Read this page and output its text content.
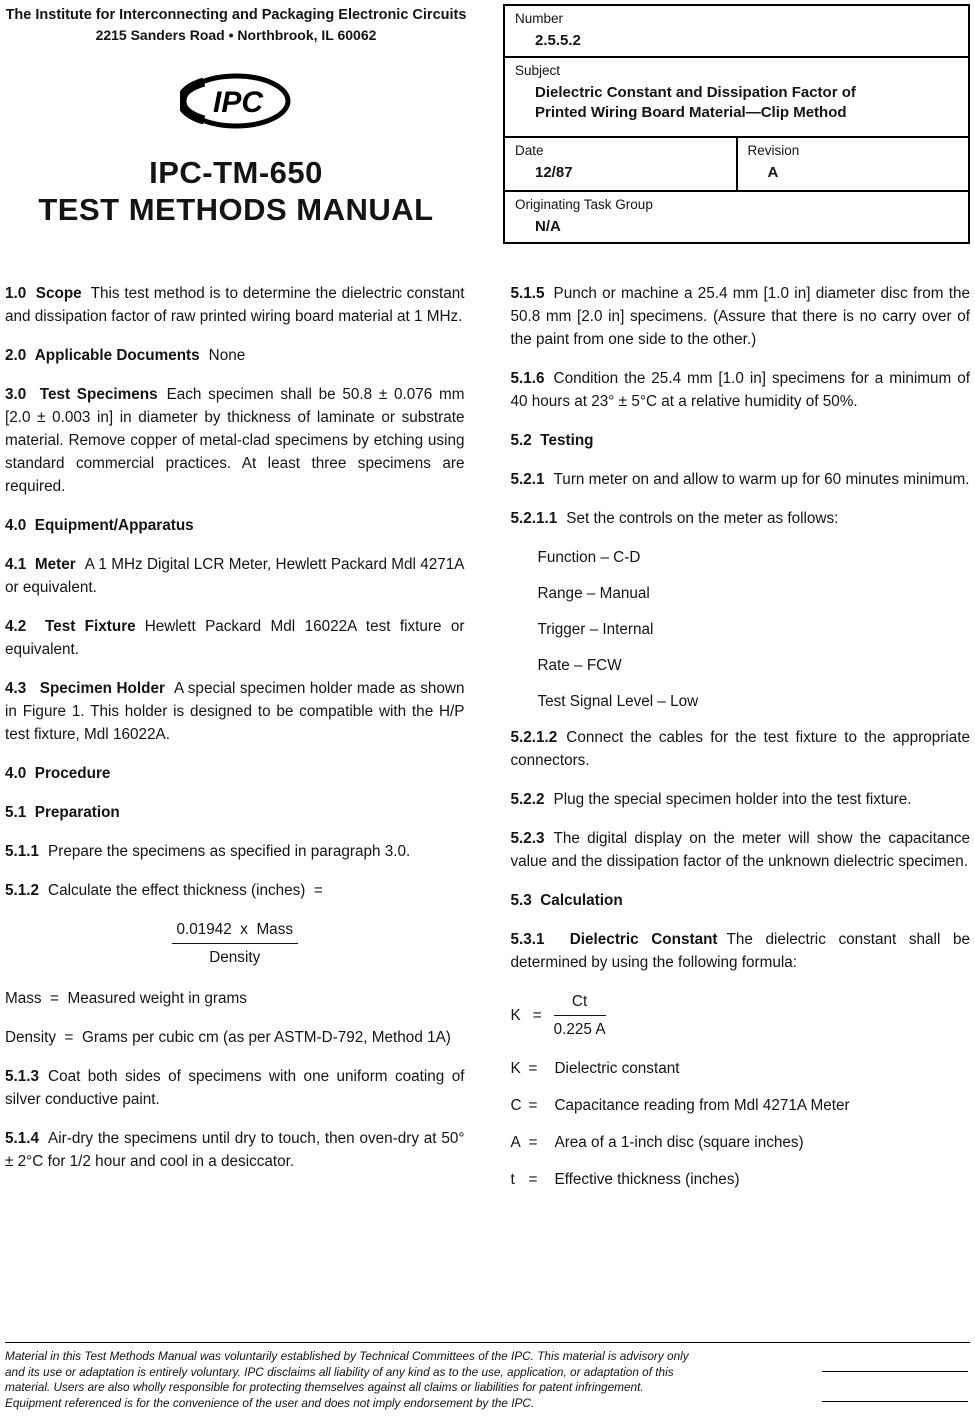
The Institute for Interconnecting and Packaging Electronic Circuits
2215 Sanders Road • Northbrook, IL 60062
IPC
IPC-TM-650
TEST METHODS MANUAL
Number
2.5.5.2

Subject
Dielectric Constant and Dissipation Factor of
Printed Wiring Board Material—Clip Method

Date
12/87

Revision
A

Originating Task Group
N/A

1.0  Scope This test method is to determine the dielectric constant and dissipation factor of raw printed wiring board material at 1 MHz.

2.0  Applicable Documents None

3.0  Test Specimens Each specimen shall be 50.8 ± 0.076 mm [2.0 ± 0.003 in] in diameter by thickness of laminate or substrate material. Remove copper of metal-clad specimens by etching using standard commercial practices. At least three specimens are required.

4.0  Equipment/Apparatus

4.1  Meter A 1 MHz Digital LCR Meter, Hewlett Packard Mdl 4271A or equivalent.

4.2  Test Fixture Hewlett Packard Mdl 16022A test fixture or equivalent.

4.3   Specimen Holder A special specimen holder made as shown in Figure 1. This holder is designed to be compatible with the H/P test fixture, Mdl 16022A.

4.0  Procedure

5.1  Preparation

5.1.1 Prepare the specimens as specified in paragraph 3.0.

5.1.2 Calculate the effect thickness (inches)  =

$\frac{\text{0.01942  x  Mass}}{\text{Density}}$

Mass  =  Measured weight in grams

Density  =  Grams per cubic cm (as per ASTM-D-792, Method 1A)

5.1.3 Coat both sides of specimens with one uniform coating of silver conductive paint.

5.1.4 Air-dry the specimens until dry to touch, then oven-dry at 50° ± 2°C for 1/2 hour and cool in a desiccator.

5.1.5 Punch or machine a 25.4 mm [1.0 in] diameter disc from the 50.8 mm [2.0 in] specimens. (Assure that there is no carry over of the paint from one side to the other.)

5.1.6 Condition the 25.4 mm [1.0 in] specimens for a minimum of 40 hours at 23° ± 5°C at a relative humidity of 50%.

5.2  Testing

5.2.1 Turn meter on and allow to warm up for 60 minutes minimum.

5.2.1.1 Set the controls on the meter as follows:

Function – C-D

Range – Manual

Trigger – Internal

Rate – FCW

Test Signal Level – Low

5.2.1.2 Connect the cables for the test fixture to the appropriate connectors.

5.2.2 Plug the special specimen holder into the test fixture.

5.2.3 The digital display on the meter will show the capacitance value and the dissipation factor of the unknown dielectric specimen.

5.3  Calculation

5.3.1  Dielectric Constant The dielectric constant shall be determined by using the following formula:

$K = \frac{Ct}{0.225 A}$
K =	Dielectric constant
C =	Capacitance reading from Mdl 4271A Meter
A =	Area of a 1-inch disc (square inches)
t =	Effective thickness (inches)
Material in this Test Methods Manual was voluntarily established by Technical Committees of the IPC. This material is advisory only
and its use or adaptation is entirely voluntary. IPC disclaims all liability of any kind as to the use, application, or adaptation of this
material. Users are also wholly responsible for protecting themselves against all claims or liabilities for patent infringement.
Equipment referenced is for the convenience of the user and does not imply endorsement by the IPC.
